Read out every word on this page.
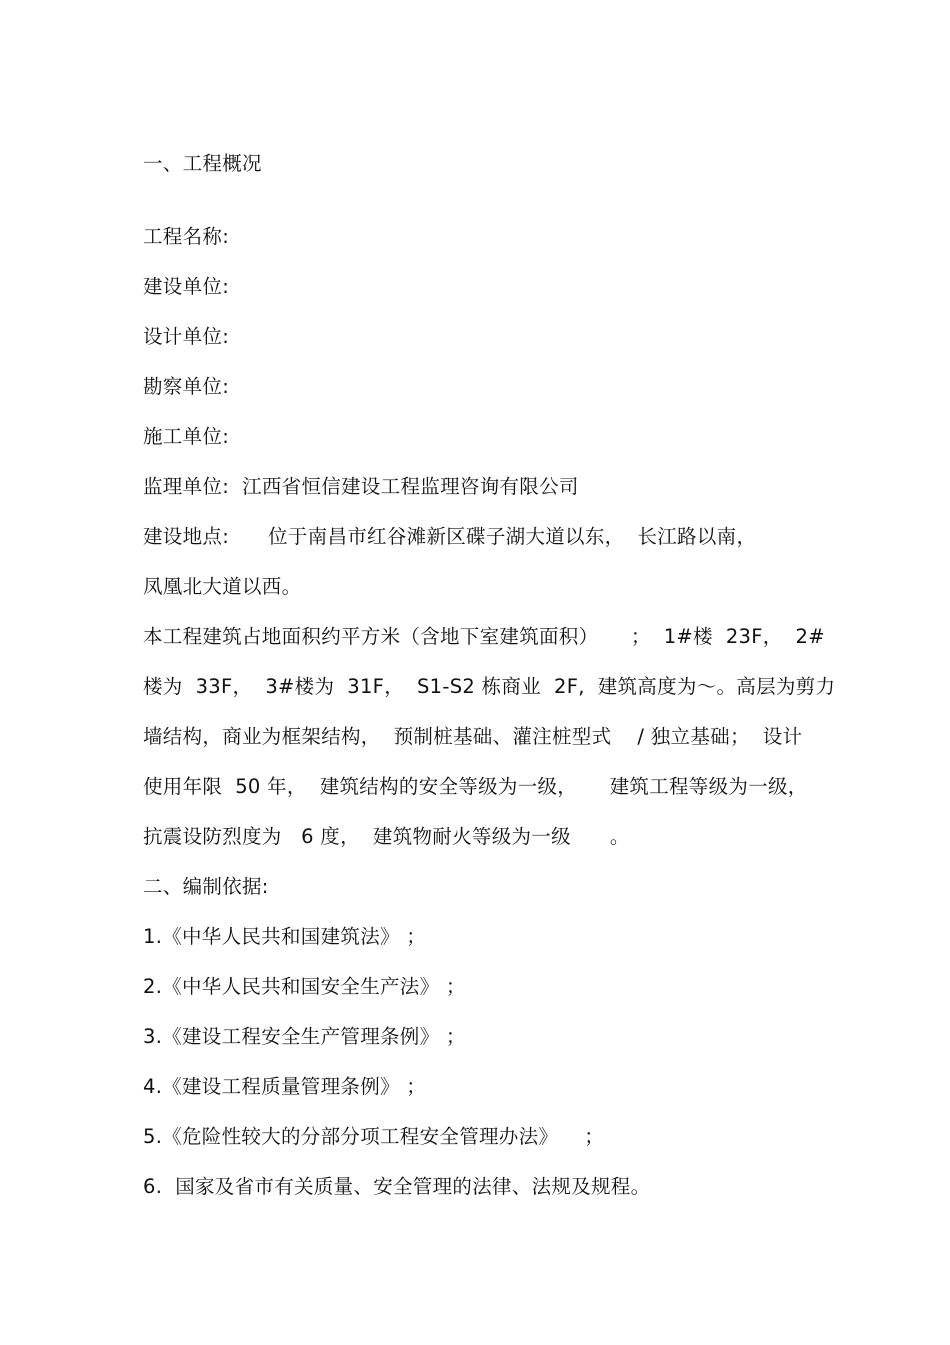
一、工程概况
工程名称:
建设单位:
设计单位:
勘察单位:
施工单位:
监理单位:  江西省恒信建设工程监理咨询有限公司
建设地点:      位于南昌市红谷滩新区碟子湖大道以东，  长江路以南，
凤凰北大道以西。
本工程建筑占地面积约平方米（含地下室建筑面积）     ；  1#楼  23F，  2#
楼为  33F，  3#楼为  31F，  S1-S2 栋商业  2F,  建筑高度为～。高层为剪力
墙结构，商业为框架结构，  预制桩基础、灌注桩型式    / 独立基础；  设计
使用年限  50 年，  建筑结构的安全等级为一级，     建筑工程等级为一级，
抗震设防烈度为   6 度，  建筑物耐火等级为一级      。
二、编制依据:
1.《中华人民共和国建筑法》 ；
2.《中华人民共和国安全生产法》 ；
3.《建设工程安全生产管理条例》 ；
4.《建设工程质量管理条例》 ；
5.《危险性较大的分部分项工程安全管理办法》    ；
6.  国家及省市有关质量、安全管理的法律、法规及规程。
